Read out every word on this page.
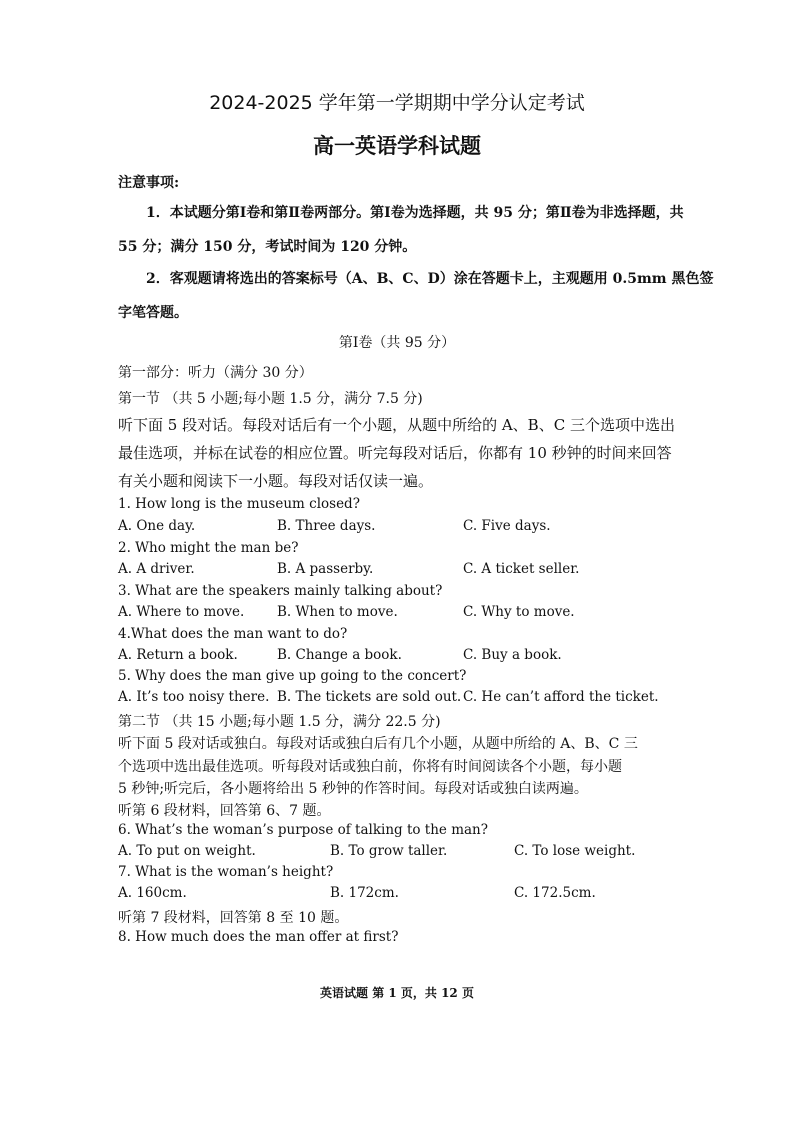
2024-2025 学年第一学期期中学分认定考试
高一英语学科试题
注意事项:
1．本试题分第Ⅰ卷和第Ⅱ卷两部分。第Ⅰ卷为选择题，共 95 分；第Ⅱ卷为非选择题，共
55 分；满分 150 分，考试时间为 120 分钟。
2．客观题请将选出的答案标号（A、B、C、D）涂在答题卡上，主观题用 0.5mm 黑色签
字笔答题。
第Ⅰ卷（共 95 分）
第一部分：听力（满分 30 分）
第一节 （共 5 小题;每小题 1.5 分，满分 7.5 分)
听下面 5 段对话。每段对话后有一个小题，从题中所给的 A、B、C 三个选项中选出
最佳选项，并标在试卷的相应位置。听完每段对话后，你都有 10 秒钟的时间来回答
有关小题和阅读下一小题。每段对话仅读一遍。
1. How long is the museum closed?
A. One day.	B. Three days.	C. Five days.
2. Who might the man be?
A. A driver.	B. A passerby.	C. A ticket seller.
3. What are the speakers mainly talking about?
A. Where to move. B. When to move.	C. Why to move.
4.What does the man want to do?
A. Return a book.	B. Change a book.	C. Buy a book.
5. Why does the man give up going to the concert?
A. It’s too noisy there. B. The tickets are sold out. C. He can’t afford the ticket.
第二节 （共 15 小题;每小题 1.5 分，满分 22.5 分)
听下面 5 段对话或独白。每段对话或独白后有几个小题，从题中所给的 A、B、C 三
个选项中选出最佳选项。听每段对话或独白前，你将有时间阅读各个小题，每小题
5 秒钟;听完后，各小题将给出 5 秒钟的作答时间。每段对话或独白读两遍。
听第 6 段材料，回答第 6、7 题。
6. What’s the woman’s purpose of talking to the man?
A. To put on weight.	B. To grow taller.	C. To lose weight.
7. What is the woman’s height?
A. 160cm.	B. 172cm.	C. 172.5cm.
听第 7 段材料，回答第 8 至 10 题。
8. How much does the man offer at first?
英语试题 第 1 页，共 12 页
